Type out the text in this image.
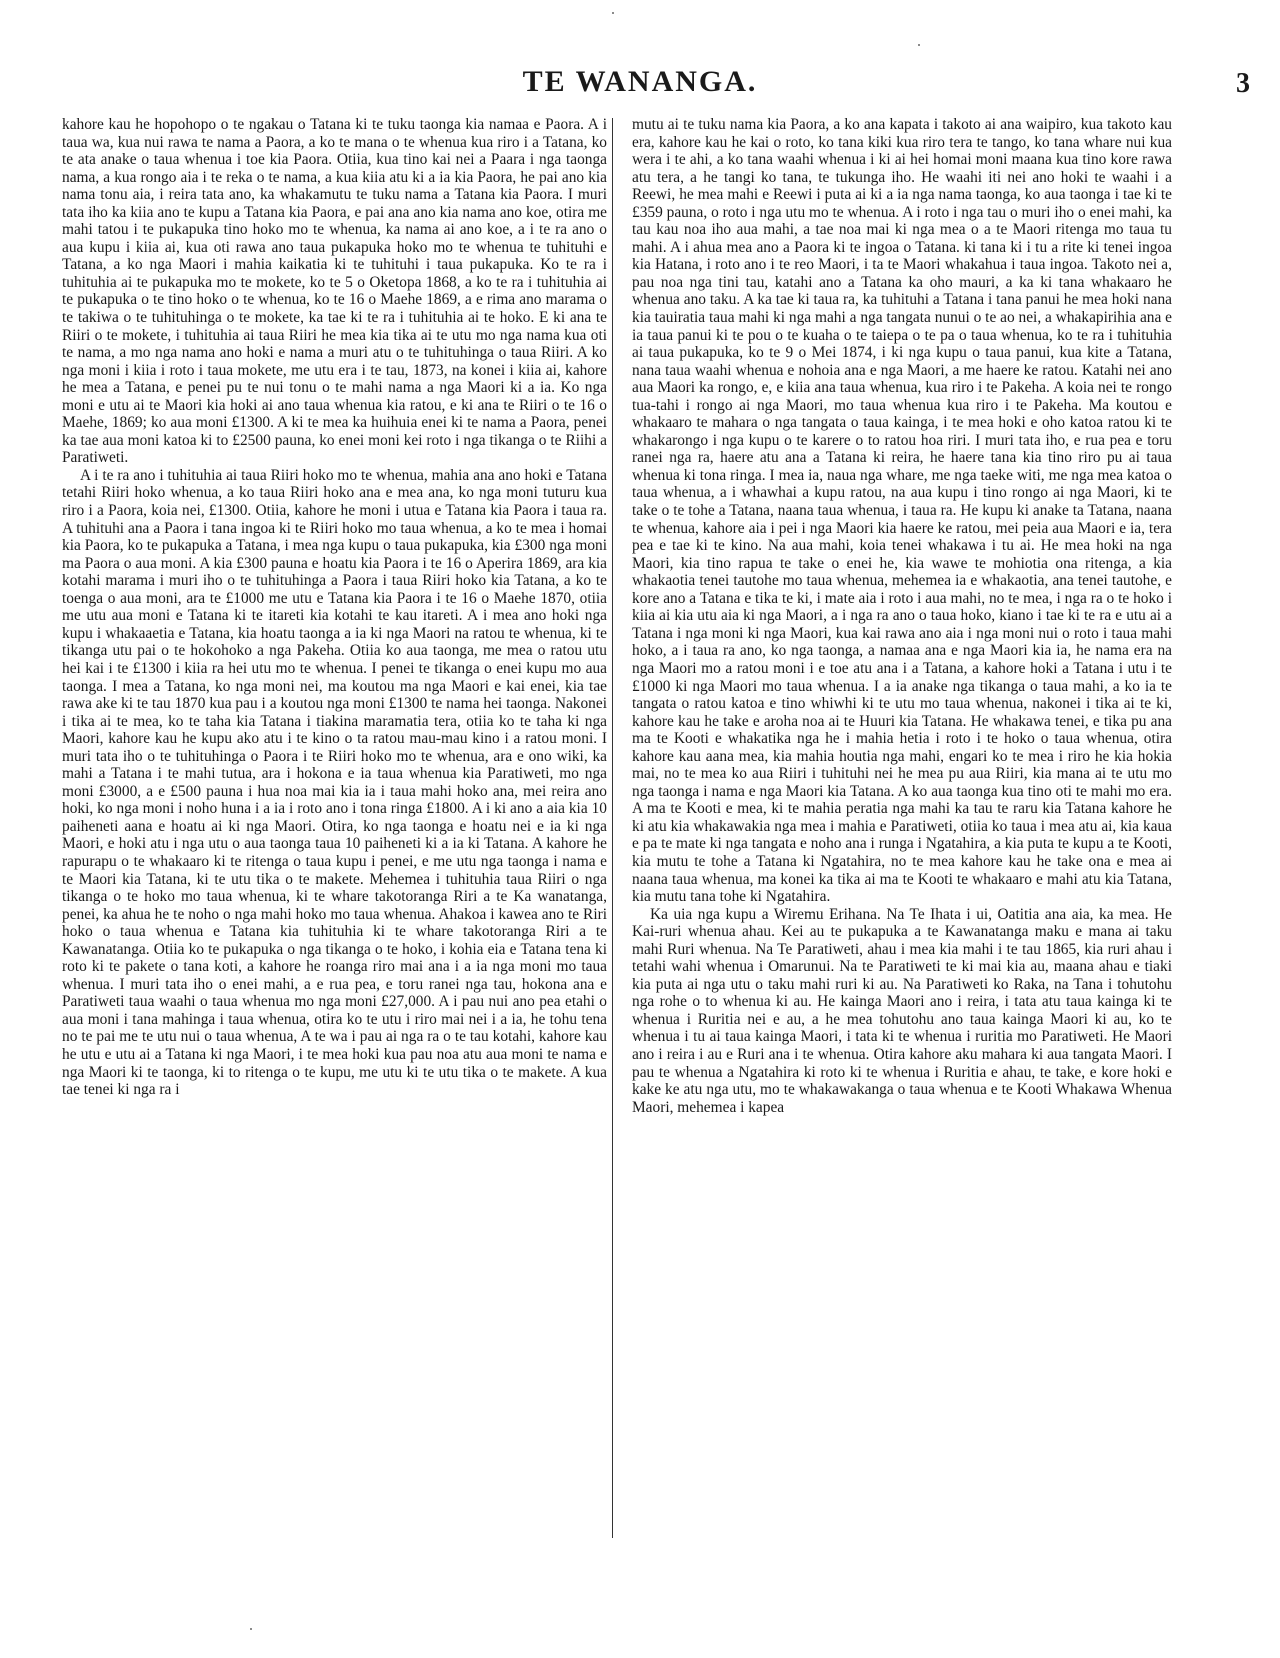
TE WANANGA.	3

kahore kau he hopohopo o te ngakau o Tatana ki te tuku taonga kia namaa e Paora. A i taua wa, kua nui rawa te nama a Paora, a ko te mana o te whenua kua riro i a Tatana, ko te ata anake o taua whenua i toe kia Paora. Otiia, kua tino kai nei a Paara i nga taonga nama, a kua rongo aia i te reka o te nama, a kua kiia atu ki a ia kia Paora, he pai ano kia nama tonu aia, i reira tata ano, ka whakamutu te tuku nama a Tatana kia Paora. I muri tata iho ka kiia ano te kupu a Tatana kia Paora, e pai ana ano kia nama ano koe, otira me mahi tatou i te pukapuka tino hoko mo te whenua, ka nama ai ano koe, a i te ra ano o aua kupu i kiia ai, kua oti rawa ano taua pukapuka hoko mo te whenua te tuhituhi e Tatana, a ko nga Maori i mahia kaikatia ki te tuhituhi i taua pukapuka. Ko te ra i tuhituhia ai te pukapuka mo te mokete, ko te 5 o Oketopa 1868, a ko te ra i tuhituhia ai te pukapuka o te tino hoko o te whenua, ko te 16 o Maehe 1869, a e rima ano marama o te takiwa o te tuhituhinga o te mokete, ka tae ki te ra i tuhituhia ai te hoko. E ki ana te Riiri o te mokete, i tuhituhia ai taua Riiri he mea kia tika ai te utu mo nga nama kua oti te nama, a mo nga nama ano hoki e nama a muri atu o te tuhituhinga o taua Riiri. A ko nga moni i kiia i roto i taua mokete, me utu era i te tau, 1873, na konei i kiia ai, kahore he mea a Tatana, e penei pu te nui tonu o te mahi nama a nga Maori ki a ia. Ko nga moni e utu ai te Maori kia hoki ai ano taua whenua kia ratou, e ki ana te Riiri o te 16 o Maehe, 1869; ko aua moni £1300. A ki te mea ka huihuia enei ki te nama a Paora, penei ka tae aua moni katoa ki to £2500 pauna, ko enei moni kei roto i nga tikanga o te Riihi a Paratiweti.

A i te ra ano i tuhituhia ai taua Riiri hoko mo te whenua, mahia ana ano hoki e Tatana tetahi Riiri hoko whenua, a ko taua Riiri hoko ana e mea ana, ko nga moni tuturu kua riro i a Paora, koia nei, £1300. Otiia, kahore he moni i utua e Tatana kia Paora i taua ra. A tuhituhi ana a Paora i tana ingoa ki te Riiri hoko mo taua whenua, a ko te mea i homai kia Paora, ko te pukapuka a Tatana, i mea nga kupu o taua pukapuka, kia £300 nga moni ma Paora o aua moni. A kia £300 pauna e hoatu kia Paora i te 16 o Aperira 1869, ara kia kotahi marama i muri iho o te tuhituhinga a Paora i taua Riiri hoko kia Tatana, a ko te toenga o aua moni, ara te £1000 me utu e Tatana kia Paora i te 16 o Maehe 1870, otiia me utu aua moni e Tatana ki te itareti kia kotahi te kau itareti. A i mea ano hoki nga kupu i whakaaetia e Tatana, kia hoatu taonga a ia ki nga Maori na ratou te whenua, ki te tikanga utu pai o te hokohoko a nga Pakeha. Otiia ko aua taonga, me mea o ratou utu hei kai i te £1300 i kiia ra hei utu mo te whenua. I penei te tikanga o enei kupu mo aua taonga. I mea a Tatana, ko nga moni nei, ma koutou ma nga Maori e kai enei, kia tae rawa ake ki te tau 1870 kua pau i a koutou nga moni £1300 te nama hei taonga. Nakonei i tika ai te mea, ko te taha kia Tatana i tiakina maramatia tera, otiia ko te taha ki nga Maori, kahore kau he kupu ako atu i te kino o ta ratou mau-mau kino i a ratou moni. I muri tata iho o te tuhituhinga o Paora i te Riiri hoko mo te whenua, ara e ono wiki, ka mahi a Tatana i te mahi tutua, ara i hokona e ia taua whenua kia Paratiweti, mo nga moni £3000, a e £500 pauna i hua noa mai kia ia i taua mahi hoko ana, mei reira ano hoki, ko nga moni i noho huna i a ia i roto ano i tona ringa £1800. A i ki ano a aia kia 10 paiheneti aana e hoatu ai ki nga Maori. Otira, ko nga taonga e hoatu nei e ia ki nga Maori, e hoki atu i nga utu o aua taonga taua 10 paiheneti ki a ia ki Tatana. A kahore he rapurapu o te whakaaro ki te ritenga o taua kupu i penei, e me utu nga taonga i nama e te Maori kia Tatana, ki te utu tika o te makete. Mehemea i tuhituhia taua Riiri o nga tikanga o te hoko mo taua whenua, ki te whare takotoranga Riri a te Ka wanatanga, penei, ka ahua he te noho o nga mahi hoko mo taua whenua. Ahakoa i kawea ano te Riri hoko o taua whenua e Tatana kia tuhituhia ki te whare takotoranga Riri a te Kawanatanga. Otiia ko te pukapuka o nga tikanga o te hoko, i kohia eia e Tatana tena ki roto ki te pakete o tana koti, a kahore he roanga riro mai ana i a ia nga moni mo taua whenua. I muri tata iho o enei mahi, a e rua pea, e toru ranei nga tau, hokona ana e Paratiweti taua waahi o taua whenua mo nga moni £27,000. A i pau nui ano pea etahi o aua moni i tana mahinga i taua whenua, otira ko te utu i riro mai nei i a ia, he tohu tena no te pai me te utu nui o taua whenua, A te wa i pau ai nga ra o te tau kotahi, kahore kau he utu e utu ai a Tatana ki nga Maori, i te mea hoki kua pau noa atu aua moni te nama e nga Maori ki te taonga, ki to ritenga o te kupu, me utu ki te utu tika o te makete. A kua tae tenei ki nga ra i

mutu ai te tuku nama kia Paora, a ko ana kapata i takoto ai ana waipiro, kua takoto kau era, kahore kau he kai o roto, ko tana kiki kua riro tera te tango, ko tana whare nui kua wera i te ahi, a ko tana waahi whenua i ki ai hei homai moni maana kua tino kore rawa atu tera, a he tangi ko tana, te tukunga iho. He waahi iti nei ano hoki te waahi i a Reewi, he mea mahi e Reewi i puta ai ki a ia nga nama taonga, ko aua taonga i tae ki te £359 pauna, o roto i nga utu mo te whenua. A i roto i nga tau o muri iho o enei mahi, ka tau kau noa iho aua mahi, a tae noa mai ki nga mea o a te Maori ritenga mo taua tu mahi. A i ahua mea ano a Paora ki te ingoa o Tatana. ki tana ki i tu a rite ki tenei ingoa kia Hatana, i roto ano i te reo Maori, i ta te Maori whakahua i taua ingoa. Takoto nei a, pau noa nga tini tau, katahi ano a Tatana ka oho mauri, a ka ki tana whakaaro he whenua ano taku. A ka tae ki taua ra, ka tuhituhi a Tatana i tana panui he mea hoki nana kia tauiratia taua mahi ki nga mahi a nga tangata nunui o te ao nei, a whakapirihia ana e ia taua panui ki te pou o te kuaha o te taiepa o te pa o taua whenua, ko te ra i tuhituhia ai taua pukapuka, ko te 9 o Mei 1874, i ki nga kupu o taua panui, kua kite a Tatana, nana taua waahi whenua e nohoia ana e nga Maori, a me haere ke ratou. Katahi nei ano aua Maori ka rongo, e, e kiia ana taua whenua, kua riro i te Pakeha. A koia nei te rongo tua-tahi i rongo ai nga Maori, mo taua whenua kua riro i te Pakeha. Ma koutou e whakaaro te mahara o nga tangata o taua kainga, i te mea hoki e oho katoa ratou ki te whakarongo i nga kupu o te karere o to ratou hoa riri. I muri tata iho, e rua pea e toru ranei nga ra, haere atu ana a Tatana ki reira, he haere tana kia tino riro pu ai taua whenua ki tona ringa. I mea ia, naua nga whare, me nga taeke witi, me nga mea katoa o taua whenua, a i whawhai a kupu ratou, na aua kupu i tino rongo ai nga Maori, ki te take o te tohe a Tatana, naana taua whenua, i taua ra. He kupu ki anake ta Tatana, naana te whenua, kahore aia i pei i nga Maori kia haere ke ratou, mei peia aua Maori e ia, tera pea e tae ki te kino. Na aua mahi, koia tenei whakawa i tu ai. He mea hoki na nga Maori, kia tino rapua te take o enei he, kia wawe te mohiotia ona ritenga, a kia whakaotia tenei tautohe mo taua whenua, mehemea ia e whakaotia, ana tenei tautohe, e kore ano a Tatana e tika te ki, i mate aia i roto i aua mahi, no te mea, i nga ra o te hoko i kiia ai kia utu aia ki nga Maori, a i nga ra ano o taua hoko, kiano i tae ki te ra e utu ai a Tatana i nga moni ki nga Maori, kua kai rawa ano aia i nga moni nui o roto i taua mahi hoko, a i taua ra ano, ko nga taonga, a namaa ana e nga Maori kia ia, he nama era na nga Maori mo a ratou moni i e toe atu ana i a Tatana, a kahore hoki a Tatana i utu i te £1000 ki nga Maori mo taua whenua. I a ia anake nga tikanga o taua mahi, a ko ia te tangata o ratou katoa e tino whiwhi ki te utu mo taua whenua, nakonei i tika ai te ki, kahore kau he take e aroha noa ai te Huuri kia Tatana. He whakawa tenei, e tika pu ana ma te Kooti e whakatika nga he i mahia hetia i roto i te hoko o taua whenua, otira kahore kau aana mea, kia mahia houtia nga mahi, engari ko te mea i riro he kia hokia mai, no te mea ko aua Riiri i tuhituhi nei he mea pu aua Riiri, kia mana ai te utu mo nga taonga i nama e nga Maori kia Tatana. A ko aua taonga kua tino oti te mahi mo era. A ma te Kooti e mea, ki te mahia peratia nga mahi ka tau te raru kia Tatana kahore he ki atu kia whakawakia nga mea i mahia e Paratiweti, otiia ko taua i mea atu ai, kia kaua e pa te mate ki nga tangata e noho ana i runga i Ngatahira, a kia puta te kupu a te Kooti, kia mutu te tohe a Tatana ki Ngatahira, no te mea kahore kau he take ona e mea ai naana taua whenua, ma konei ka tika ai ma te Kooti te whakaaro e mahi atu kia Tatana, kia mutu tana tohe ki Ngatahira.

Ka uia nga kupu a Wiremu Erihana. Na Te Ihata i ui, Oatitia ana aia, ka mea. He Kai-ruri whenua ahau. Kei au te pukapuka a te Kawanatanga maku e mana ai taku mahi Ruri whenua. Na Te Paratiweti, ahau i mea kia mahi i te tau 1865, kia ruri ahau i tetahi wahi whenua i Omarunui. Na te Paratiweti te ki mai kia au, maana ahau e tiaki kia puta ai nga utu o taku mahi ruri ki au. Na Paratiweti ko Raka, na Tana i tohutohu nga rohe o to whenua ki au. He kainga Maori ano i reira, i tata atu taua kainga ki te whenua i Ruritia nei e au, a he mea tohutohu ano taua kainga Maori ki au, ko te whenua i tu ai taua kainga Maori, i tata ki te whenua i ruritia mo Paratiweti. He Maori ano i reira i au e Ruri ana i te whenua. Otira kahore aku mahara ki aua tangata Maori. I pau te whenua a Ngatahira ki roto ki te whenua i Ruritia e ahau, te take, e kore hoki e kake ke atu nga utu, mo te whakawakanga o taua whenua e te Kooti Whakawa Whenua Maori, mehemea i kapea
